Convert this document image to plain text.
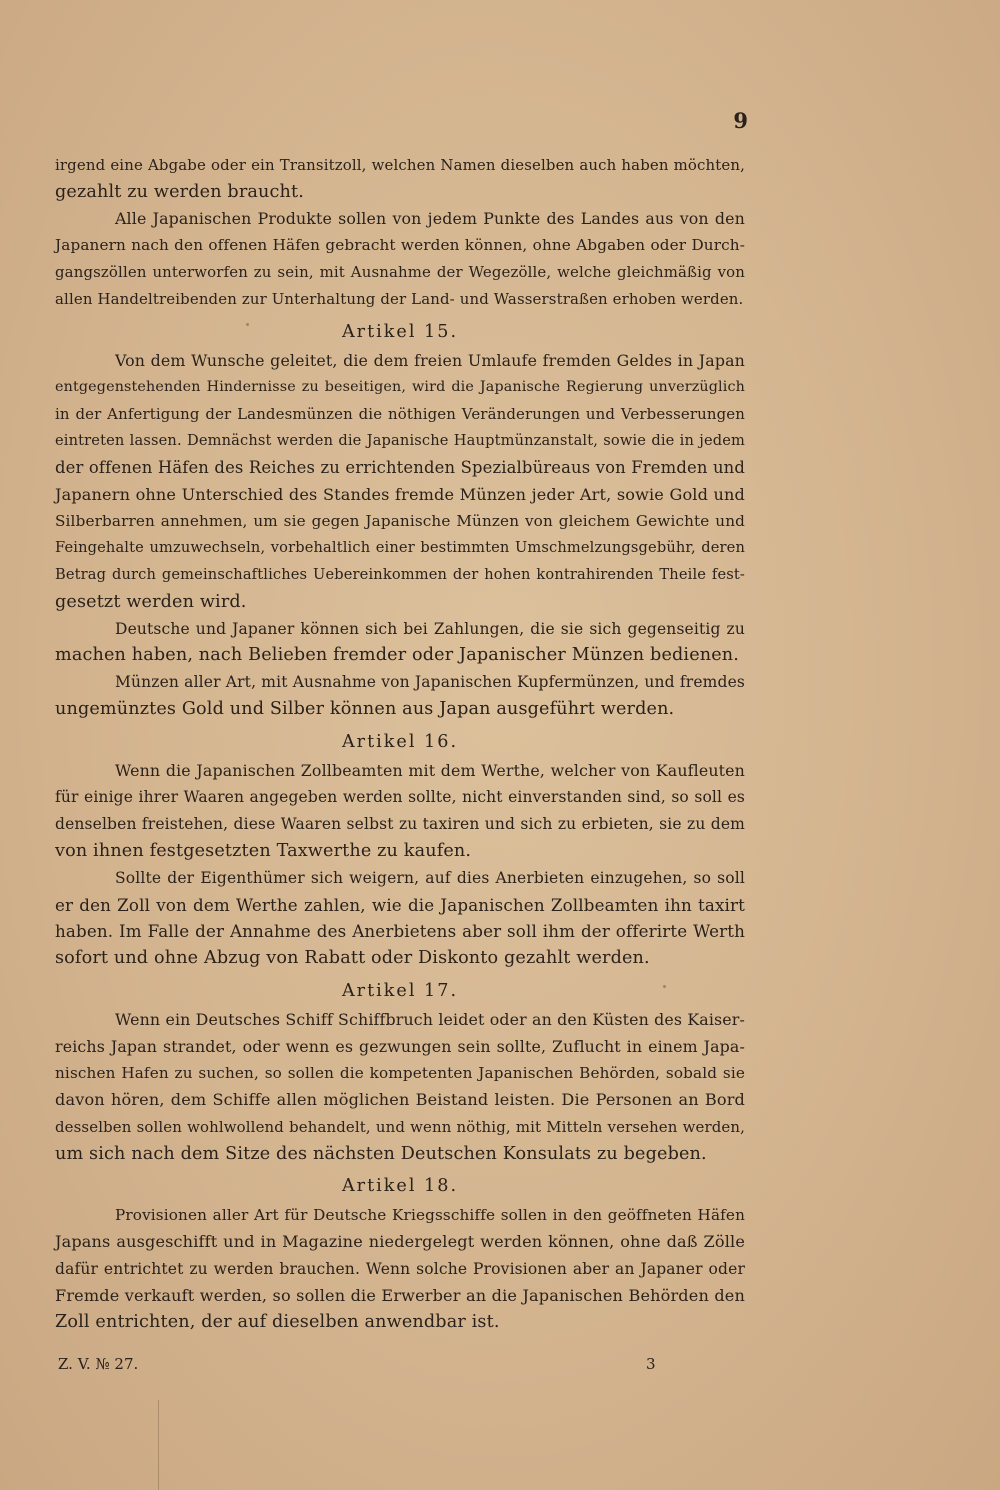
9
irgend eine Abgabe oder ein Transitzoll, welchen Namen dieselben auch haben möchten,
gezahlt zu werden braucht.
Alle Japanischen Produkte sollen von jedem Punkte des Landes aus von den
Japanern nach den offenen Häfen gebracht werden können, ohne Abgaben oder Durch-
gangszöllen unterworfen zu sein, mit Ausnahme der Wegezölle, welche gleichmäßig von
allen Handeltreibenden zur Unterhaltung der Land- und Wasserstraßen erhoben werden.
Artikel 15.
Von dem Wunsche geleitet, die dem freien Umlaufe fremden Geldes in Japan
entgegenstehenden Hindernisse zu beseitigen, wird die Japanische Regierung unverzüglich
in der Anfertigung der Landesmünzen die nöthigen Veränderungen und Verbesserungen
eintreten lassen. Demnächst werden die Japanische Hauptmünzanstalt, sowie die in jedem
der offenen Häfen des Reiches zu errichtenden Spezialbüreaus von Fremden und
Japanern ohne Unterschied des Standes fremde Münzen jeder Art, sowie Gold und
Silberbarren annehmen, um sie gegen Japanische Münzen von gleichem Gewichte und
Feingehalte umzuwechseln, vorbehaltlich einer bestimmten Umschmelzungsgebühr, deren
Betrag durch gemeinschaftliches Uebereinkommen der hohen kontrahirenden Theile fest-
gesetzt werden wird.
Deutsche und Japaner können sich bei Zahlungen, die sie sich gegenseitig zu
machen haben, nach Belieben fremder oder Japanischer Münzen bedienen.
Münzen aller Art, mit Ausnahme von Japanischen Kupfermünzen, und fremdes
ungemünztes Gold und Silber können aus Japan ausgeführt werden.
Artikel 16.
Wenn die Japanischen Zollbeamten mit dem Werthe, welcher von Kaufleuten
für einige ihrer Waaren angegeben werden sollte, nicht einverstanden sind, so soll es
denselben freistehen, diese Waaren selbst zu taxiren und sich zu erbieten, sie zu dem
von ihnen festgesetzten Taxwerthe zu kaufen.
Sollte der Eigenthümer sich weigern, auf dies Anerbieten einzugehen, so soll
er den Zoll von dem Werthe zahlen, wie die Japanischen Zollbeamten ihn taxirt
haben. Im Falle der Annahme des Anerbietens aber soll ihm der offerirte Werth
sofort und ohne Abzug von Rabatt oder Diskonto gezahlt werden.
Artikel 17.
Wenn ein Deutsches Schiff Schiffbruch leidet oder an den Küsten des Kaiser-
reichs Japan strandet, oder wenn es gezwungen sein sollte, Zuflucht in einem Japa-
nischen Hafen zu suchen, so sollen die kompetenten Japanischen Behörden, sobald sie
davon hören, dem Schiffe allen möglichen Beistand leisten. Die Personen an Bord
desselben sollen wohlwollend behandelt, und wenn nöthig, mit Mitteln versehen werden,
um sich nach dem Sitze des nächsten Deutschen Konsulats zu begeben.
Artikel 18.
Provisionen aller Art für Deutsche Kriegsschiffe sollen in den geöffneten Häfen
Japans ausgeschifft und in Magazine niedergelegt werden können, ohne daß Zölle
dafür entrichtet zu werden brauchen. Wenn solche Provisionen aber an Japaner oder
Fremde verkauft werden, so sollen die Erwerber an die Japanischen Behörden den
Zoll entrichten, der auf dieselben anwendbar ist.
Z. V. № 27.	3
